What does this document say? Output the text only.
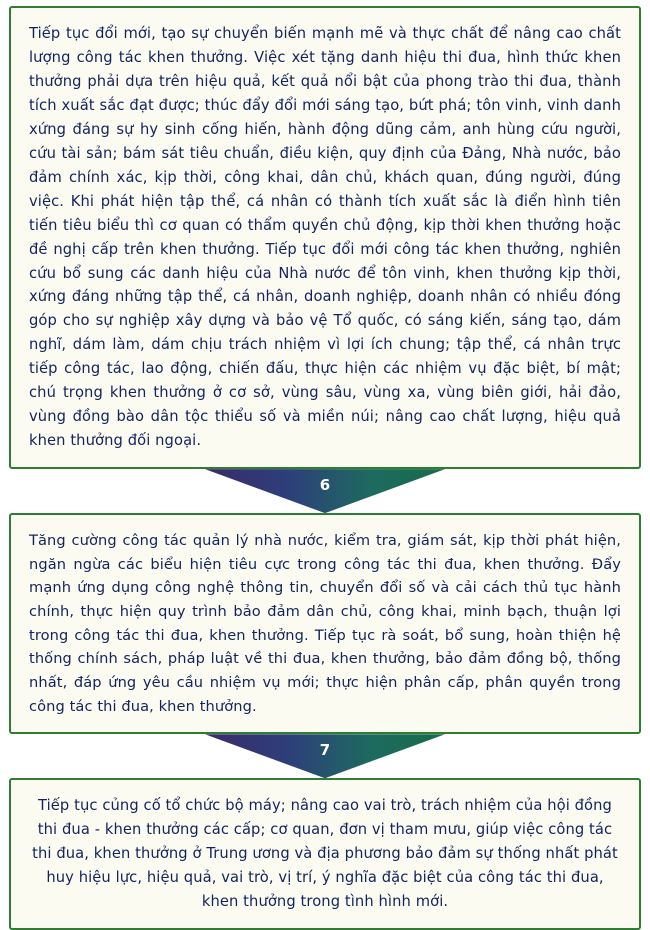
Tiếp tục đổi mới, tạo sự chuyển biến mạnh mẽ và thực chất để nâng cao chất lượng công tác khen thưởng. Việc xét tặng danh hiệu thi đua, hình thức khen thưởng phải dựa trên hiệu quả, kết quả nổi bật của phong trào thi đua, thành tích xuất sắc đạt được; thúc đẩy đổi mới sáng tạo, bứt phá; tôn vinh, vinh danh xứng đáng sự hy sinh cống hiến, hành động dũng cảm, anh hùng cứu người, cứu tài sản; bám sát tiêu chuẩn, điều kiện, quy định của Đảng, Nhà nước, bảo đảm chính xác, kịp thời, công khai, dân chủ, khách quan, đúng người, đúng việc. Khi phát hiện tập thể, cá nhân có thành tích xuất sắc là điển hình tiên tiến tiêu biểu thì cơ quan có thẩm quyền chủ động, kịp thời khen thưởng hoặc đề nghị cấp trên khen thưởng. Tiếp tục đổi mới công tác khen thưởng, nghiên cứu bổ sung các danh hiệu của Nhà nước để tôn vinh, khen thưởng kịp thời, xứng đáng những tập thể, cá nhân, doanh nghiệp, doanh nhân có nhiều đóng góp cho sự nghiệp xây dựng và bảo vệ Tổ quốc, có sáng kiến, sáng tạo, dám nghĩ, dám làm, dám chịu trách nhiệm vì lợi ích chung; tập thể, cá nhân trực tiếp công tác, lao động, chiến đấu, thực hiện các nhiệm vụ đặc biệt, bí mật; chú trọng khen thưởng ở cơ sở, vùng sâu, vùng xa, vùng biên giới, hải đảo, vùng đồng bào dân tộc thiểu số và miền núi; nâng cao chất lượng, hiệu quả khen thưởng đối ngoại.

6

Tăng cường công tác quản lý nhà nước, kiểm tra, giám sát, kịp thời phát hiện, ngăn ngừa các biểu hiện tiêu cực trong công tác thi đua, khen thưởng. Đẩy mạnh ứng dụng công nghệ thông tin, chuyển đổi số và cải cách thủ tục hành chính, thực hiện quy trình bảo đảm dân chủ, công khai, minh bạch, thuận lợi trong công tác thi đua, khen thưởng. Tiếp tục rà soát, bổ sung, hoàn thiện hệ thống chính sách, pháp luật về thi đua, khen thưởng, bảo đảm đồng bộ, thống nhất, đáp ứng yêu cầu nhiệm vụ mới; thực hiện phân cấp, phân quyền trong công tác thi đua, khen thưởng.

7

Tiếp tục củng cố tổ chức bộ máy; nâng cao vai trò, trách nhiệm của hội đồng thi đua - khen thưởng các cấp; cơ quan, đơn vị tham mưu, giúp việc công tác thi đua, khen thưởng ở Trung ương và địa phương bảo đảm sự thống nhất phát huy hiệu lực, hiệu quả, vai trò, vị trí, ý nghĩa đặc biệt của công tác thi đua, khen thưởng trong tình hình mới.
